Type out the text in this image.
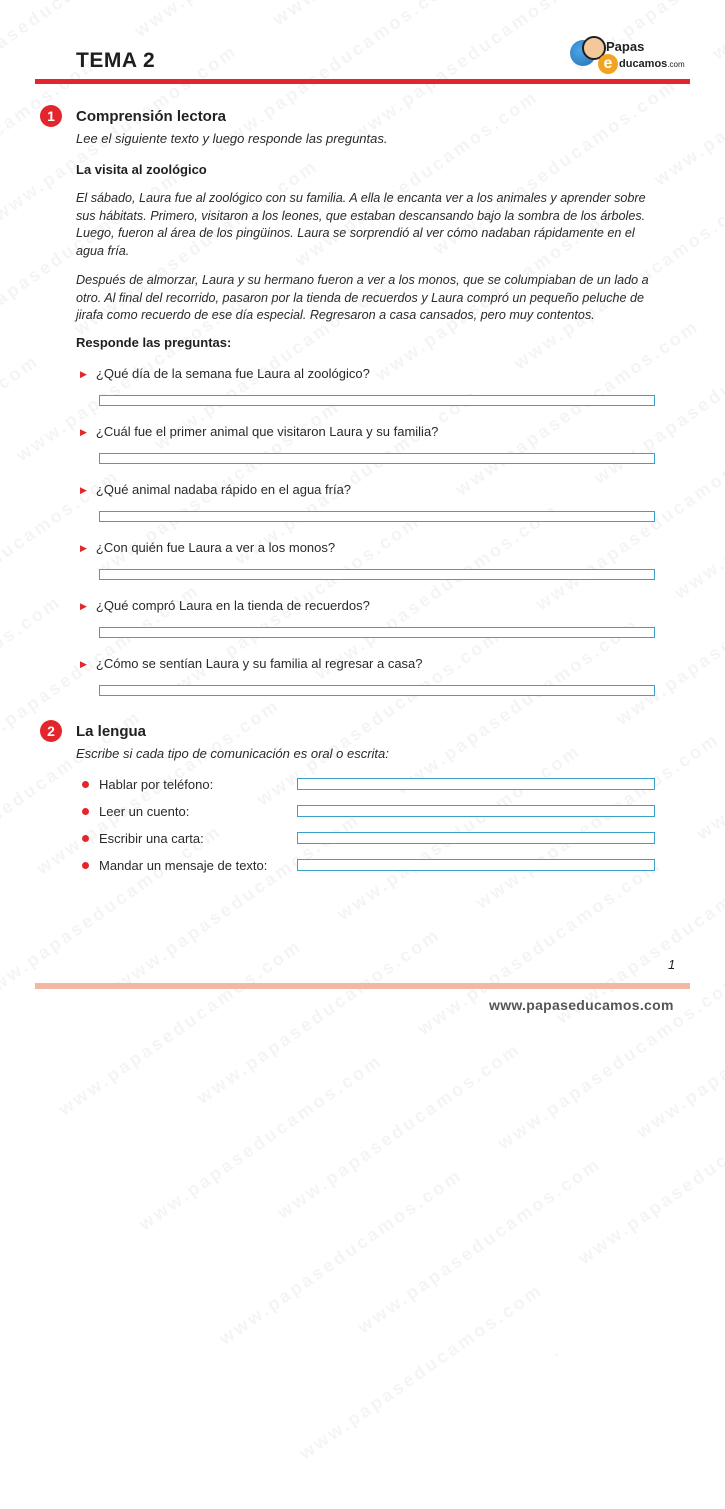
TEMA 2	e
Papas
ducamos.com
1	Comprensión lectora
Lee el siguiente texto y luego responde las preguntas.
La visita al zoológico
El sábado, Laura fue al zoológico con su familia. A ella le encanta ver a los animales y aprender sobre sus hábitats. Primero, visitaron a los leones, que estaban descansando bajo la sombra de los árboles. Luego, fueron al área de los pingüinos. Laura se sorprendió al ver cómo nadaban rápidamente en el agua fría.
Después de almorzar, Laura y su hermano fueron a ver a los monos, que se columpiaban de un lado a otro. Al final del recorrido, pasaron por la tienda de recuerdos y Laura compró un pequeño peluche de jirafa como recuerdo de ese día especial. Regresaron a casa cansados, pero muy contentos.
Responde las preguntas:
▶ ¿Qué día de la semana fue Laura al zoológico?
▶ ¿Cuál fue el primer animal que visitaron Laura y su familia?
▶ ¿Qué animal nadaba rápido en el agua fría?
▶ ¿Con quién fue Laura a ver a los monos?
▶ ¿Qué compró Laura en la tienda de recuerdos?
▶ ¿Cómo se sentían Laura y su familia al regresar a casa?
2	La lengua
Escribe si cada tipo de comunicación es oral o escrita:
Hablar por teléfono:
Leer un cuento:
Escribir una carta:
Mandar un mensaje de texto:
1
www.papaseducamos.com
